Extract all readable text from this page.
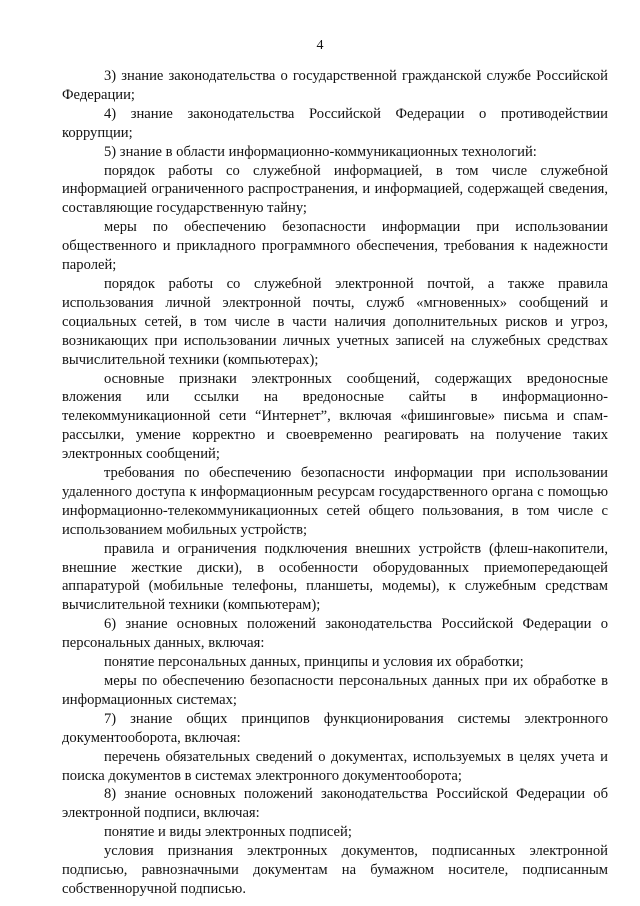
4

3) знание законодательства о государственной гражданской службе Российской Федерации;

4) знание законодательства Российской Федерации о противодействии коррупции;

5) знание в области информационно-коммуникационных технологий:

порядок работы со служебной информацией, в том числе служебной информацией ограниченного распространения, и информацией, содержащей сведения, составляющие государственную тайну;

меры по обеспечению безопасности информации при использовании общественного и прикладного программного обеспечения, требования к надежности паролей;

порядок работы со служебной электронной почтой, а также правила использования личной электронной почты, служб «мгновенных» сообщений и социальных сетей, в том числе в части наличия дополнительных рисков и угроз, возникающих при использовании личных учетных записей на служебных средствах вычислительной техники (компьютерах);

основные признаки электронных сообщений, содержащих вредоносные вложения или ссылки на вредоносные сайты в информационно-телекоммуникационной сети “Интернет”, включая «фишинговые» письма и спам-рассылки, умение корректно и своевременно реагировать на получение таких электронных сообщений;

требования по обеспечению безопасности информации при использовании удаленного доступа к информационным ресурсам государственного органа с помощью информационно-телекоммуникационных сетей общего пользования, в том числе с использованием мобильных устройств;

правила и ограничения подключения внешних устройств (флеш-накопители, внешние жесткие диски), в особенности оборудованных приемопередающей аппаратурой (мобильные телефоны, планшеты, модемы), к служебным средствам вычислительной техники (компьютерам);

6) знание основных положений законодательства Российской Федерации о персональных данных, включая:

понятие персональных данных, принципы и условия их обработки;

меры по обеспечению безопасности персональных данных при их обработке в информационных системах;

7) знание общих принципов функционирования системы электронного документооборота, включая:

перечень обязательных сведений о документах, используемых в целях учета и поиска документов в системах электронного документооборота;

8) знание основных положений законодательства Российской Федерации об электронной подписи, включая:

понятие и виды электронных подписей;

условия признания электронных документов, подписанных электронной подписью, равнозначными документам на бумажном носителе, подписанным собственноручной подписью.
